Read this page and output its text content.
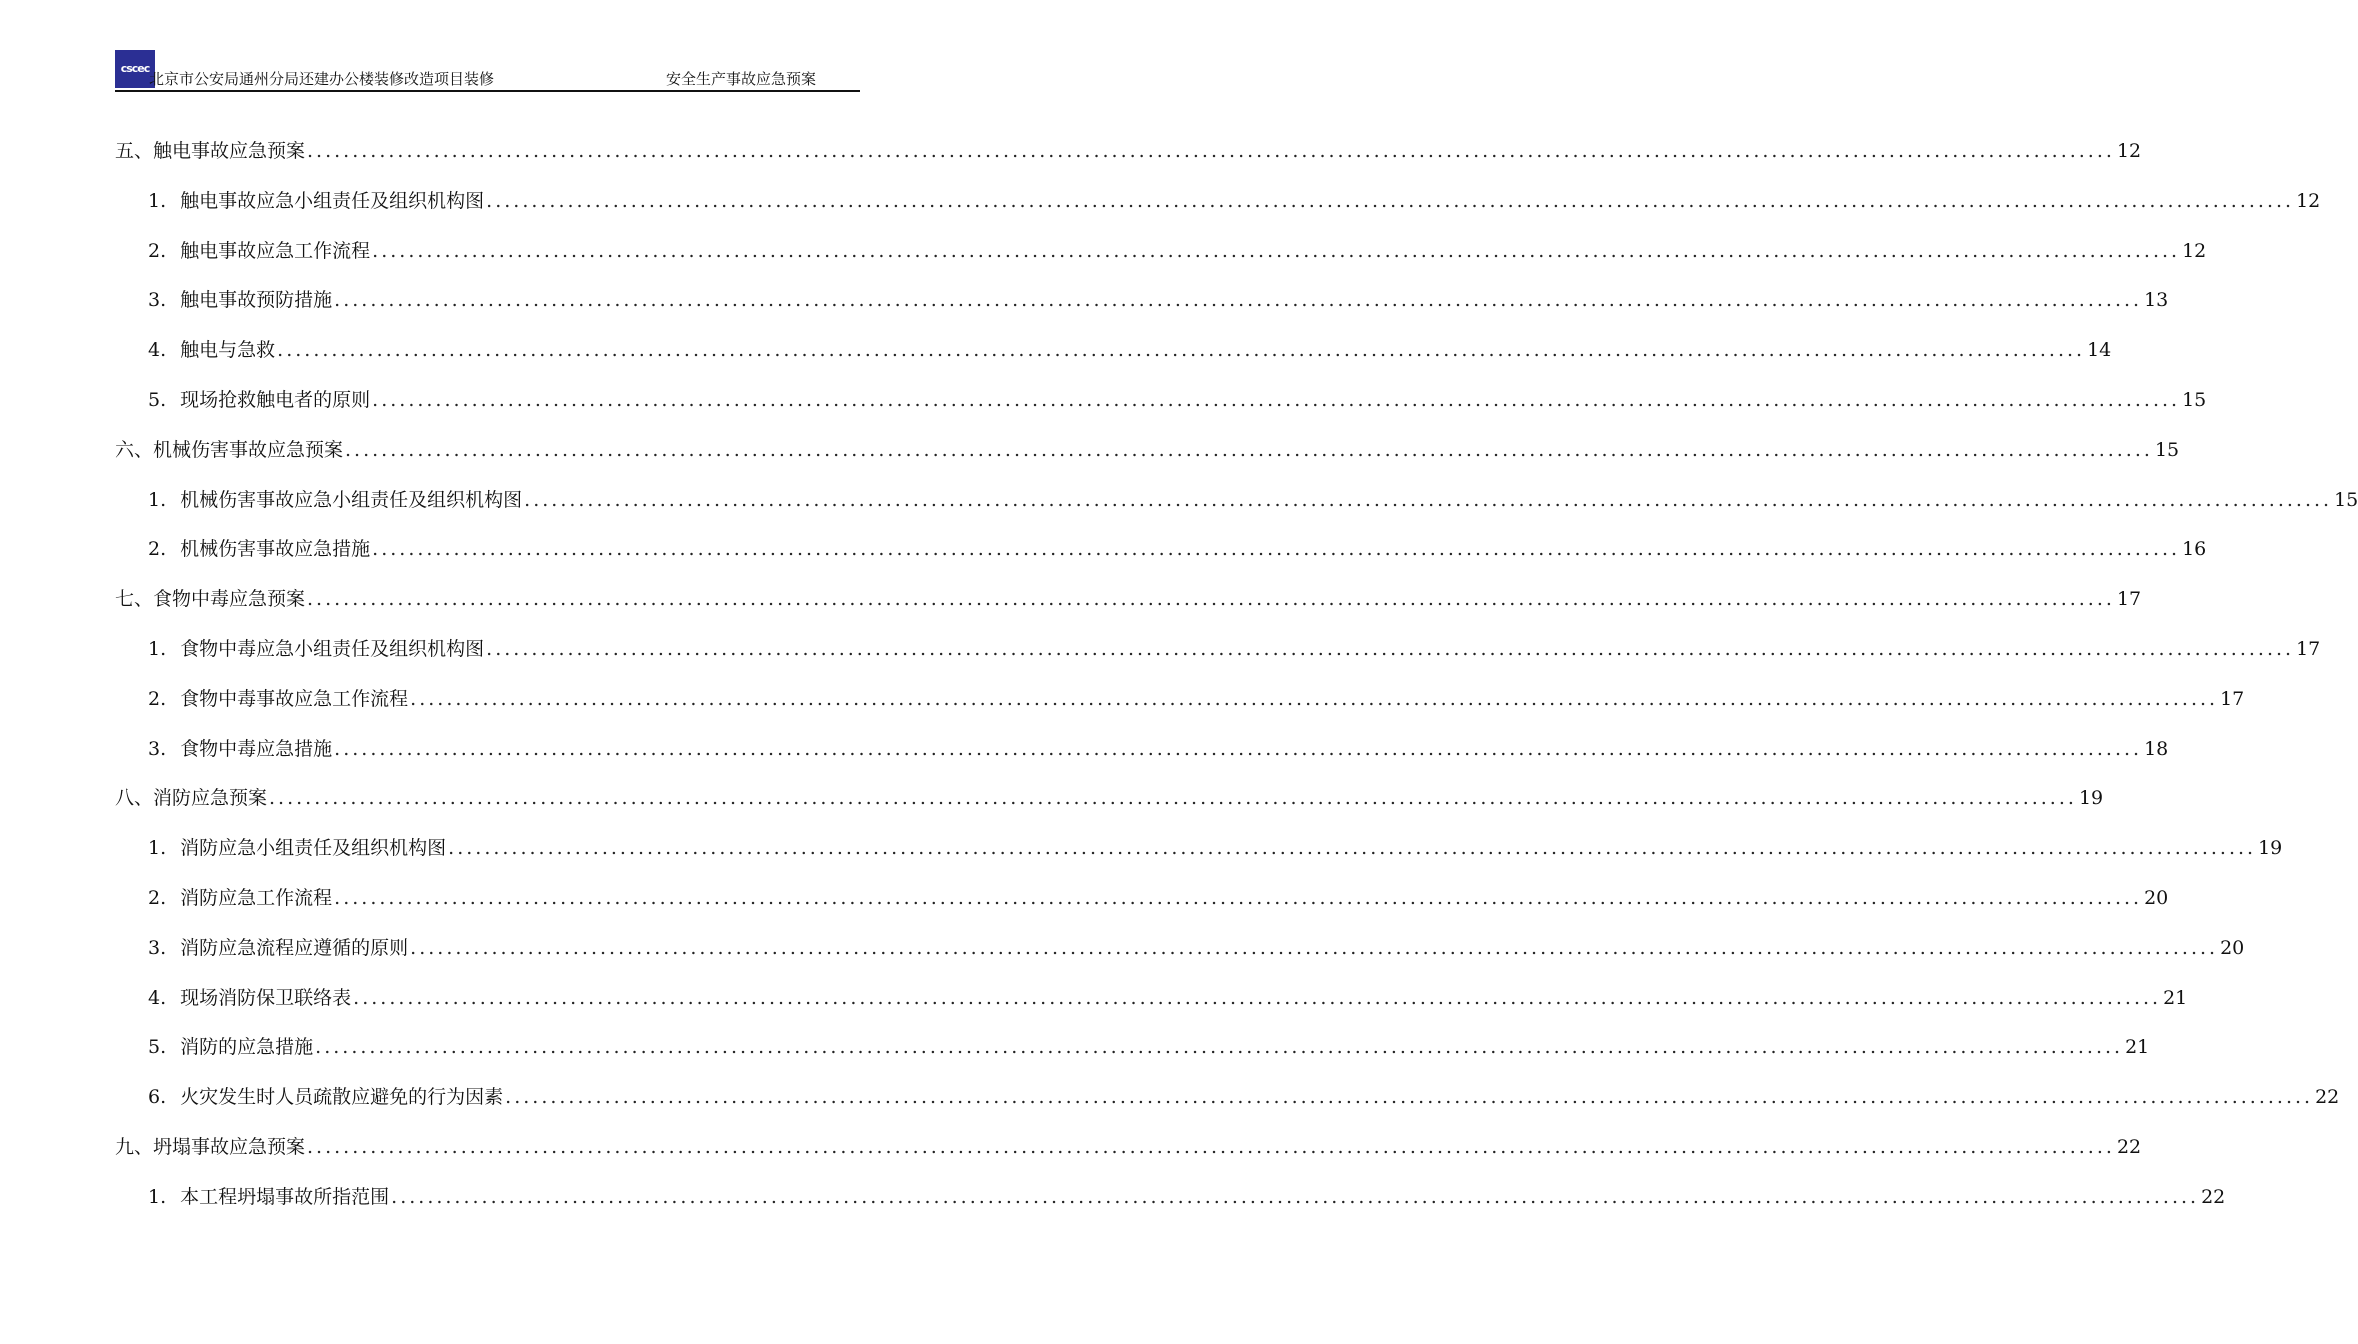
cscec
北京市公安局通州分局还建办公楼装修改造项目装修	安全生产事故应急预案
五、触电事故应急预案 ........................................................................................................................................................................................................ 12
1. 触电事故应急小组责任及组织机构图 ........................................................................................................................................................................................................ 12
2. 触电事故应急工作流程 ........................................................................................................................................................................................................ 12
3. 触电事故预防措施 ........................................................................................................................................................................................................ 13
4. 触电与急救 ........................................................................................................................................................................................................ 14
5. 现场抢救触电者的原则 ........................................................................................................................................................................................................ 15
六、机械伤害事故应急预案 ........................................................................................................................................................................................................ 15
1. 机械伤害事故应急小组责任及组织机构图 ........................................................................................................................................................................................................ 15
2. 机械伤害事故应急措施 ........................................................................................................................................................................................................ 16
七、食物中毒应急预案 ........................................................................................................................................................................................................ 17
1. 食物中毒应急小组责任及组织机构图 ........................................................................................................................................................................................................ 17
2. 食物中毒事故应急工作流程 ........................................................................................................................................................................................................ 17
3. 食物中毒应急措施 ........................................................................................................................................................................................................ 18
八、消防应急预案 ........................................................................................................................................................................................................ 19
1. 消防应急小组责任及组织机构图 ........................................................................................................................................................................................................ 19
2. 消防应急工作流程 ........................................................................................................................................................................................................ 20
3. 消防应急流程应遵循的原则 ........................................................................................................................................................................................................ 20
4. 现场消防保卫联络表 ........................................................................................................................................................................................................ 21
5. 消防的应急措施 ........................................................................................................................................................................................................ 21
6. 火灾发生时人员疏散应避免的行为因素 ........................................................................................................................................................................................................ 22
九、坍塌事故应急预案 ........................................................................................................................................................................................................ 22
1. 本工程坍塌事故所指范围 ........................................................................................................................................................................................................ 22
